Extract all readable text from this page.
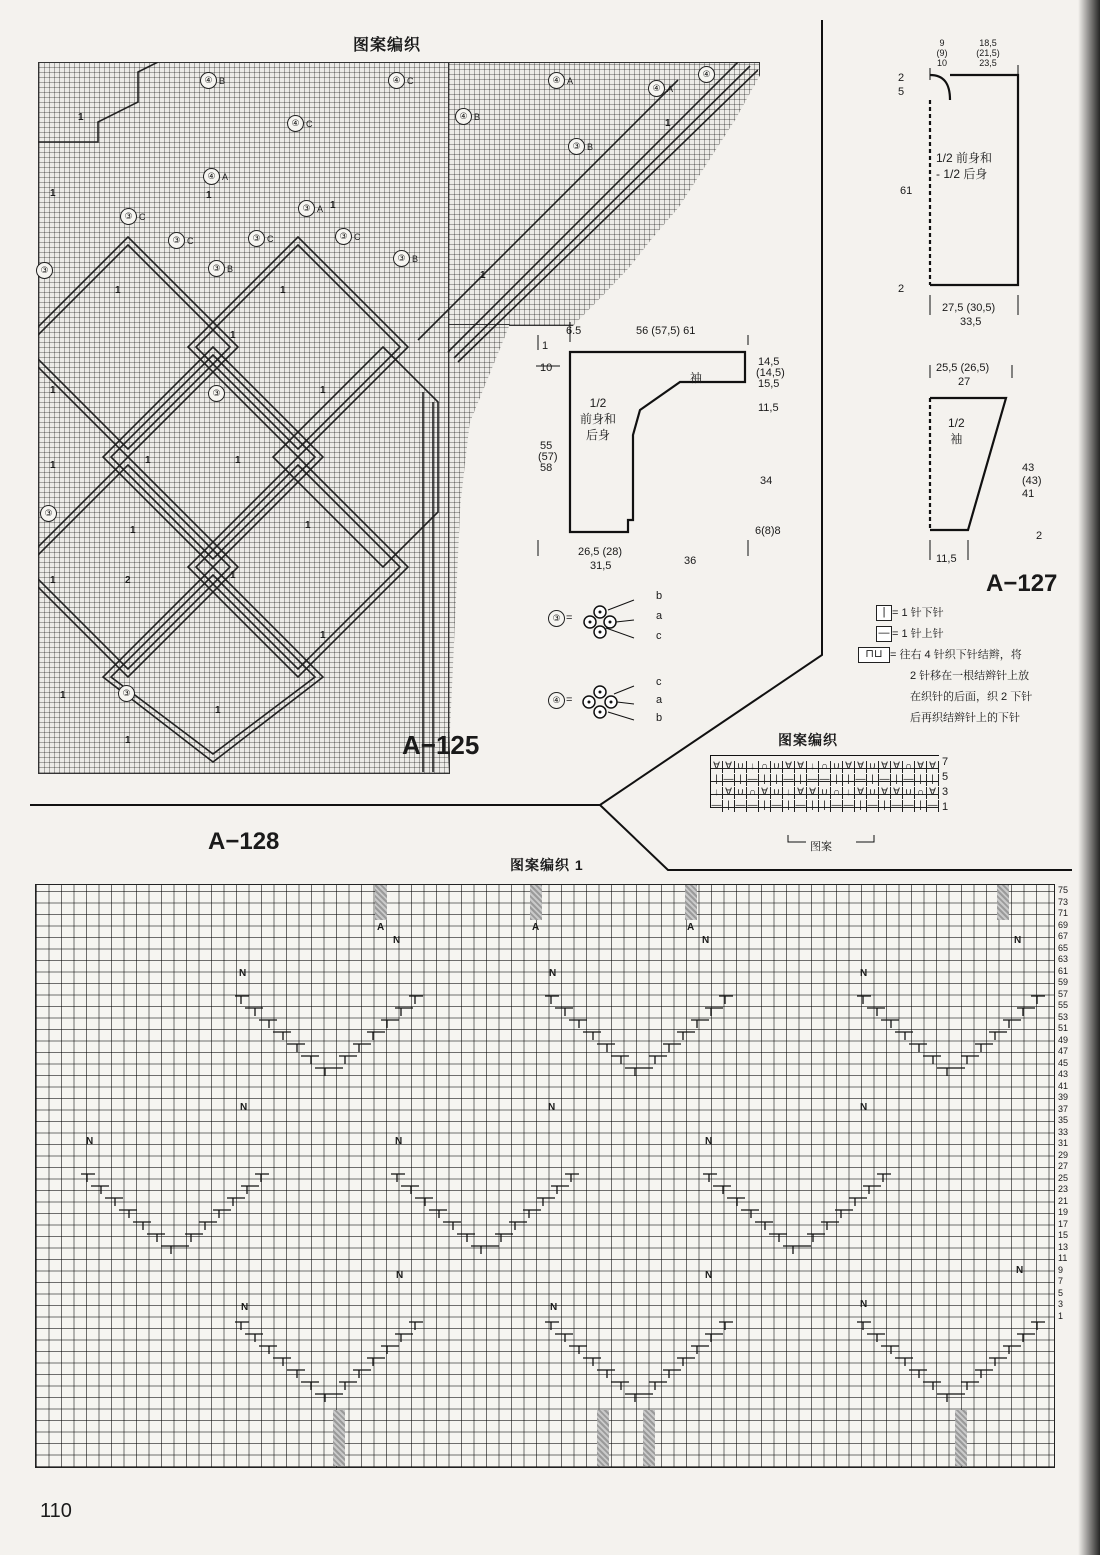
图案编织
1
1
1
1
1	1
1
1	1
1	1
1
1	1
1	1
1
1
1
1
2
1
1
④ B	④ C	④ A
④ A
④ C
④ B
③ C
③ B
④ A
③ A
③ C	③ C	③ C
③ B
③ B
④
③
③
③
③
A−125
6.5	56 (57,5) 61
1
10
55
(57)
58
14,5
(14,5)
15,5
11,5
34
6(8)8
26,5 (28)
31,5	36
1/2
前身和
后身
袖
③ =
b
a
c
④ =
c
a
b
9
(9)
10
18,5
(21,5)
23,5
2
5
1/2 前身和
- 1/2 后身
61
2
27,5 (30,5)
33,5
25,5 (26,5)
27
1/2
袖
43
(43)
41
2
11,5
A−127
| = 1 针下针
— = 1 针上针
⊓⊔ = 往右 4 针织下针结辫，将
2 针移在一根结辫针上放
在织针的后面，织 2 下针
后再织结辫针上的下针
图案编织
∀ ∀ ∪ ↓ ∩ ∪ ∀ ∀ ↓ ∩ ∪ ∀ ∀ ∪ ∀ ∀ ∩ ∀ ∀
| — | — | | — | — — | | — | — | — | |
↓ ∀ ∪ ∩ ∀ ∪ ↓ ∀ ∀ ∪ ∩ ↓ ∀ ∪ ∀ ∀ ∪ ∩ ∀
— | — — | — | — | | — — | — | — — | —
7
5
3
1
图案
A−128
图案编织 1
N
N
N
N
N
N
N
N
N
N
N
N
N
N
N
N
N
N
A	A	A
75
73
71
69
67
65
63
61
59
57
55
53
51
49
47
45
43
41
39
37
35
33
31
29
27
25
23
21
19
17
15
13
11
9
7
5
3
1
110
